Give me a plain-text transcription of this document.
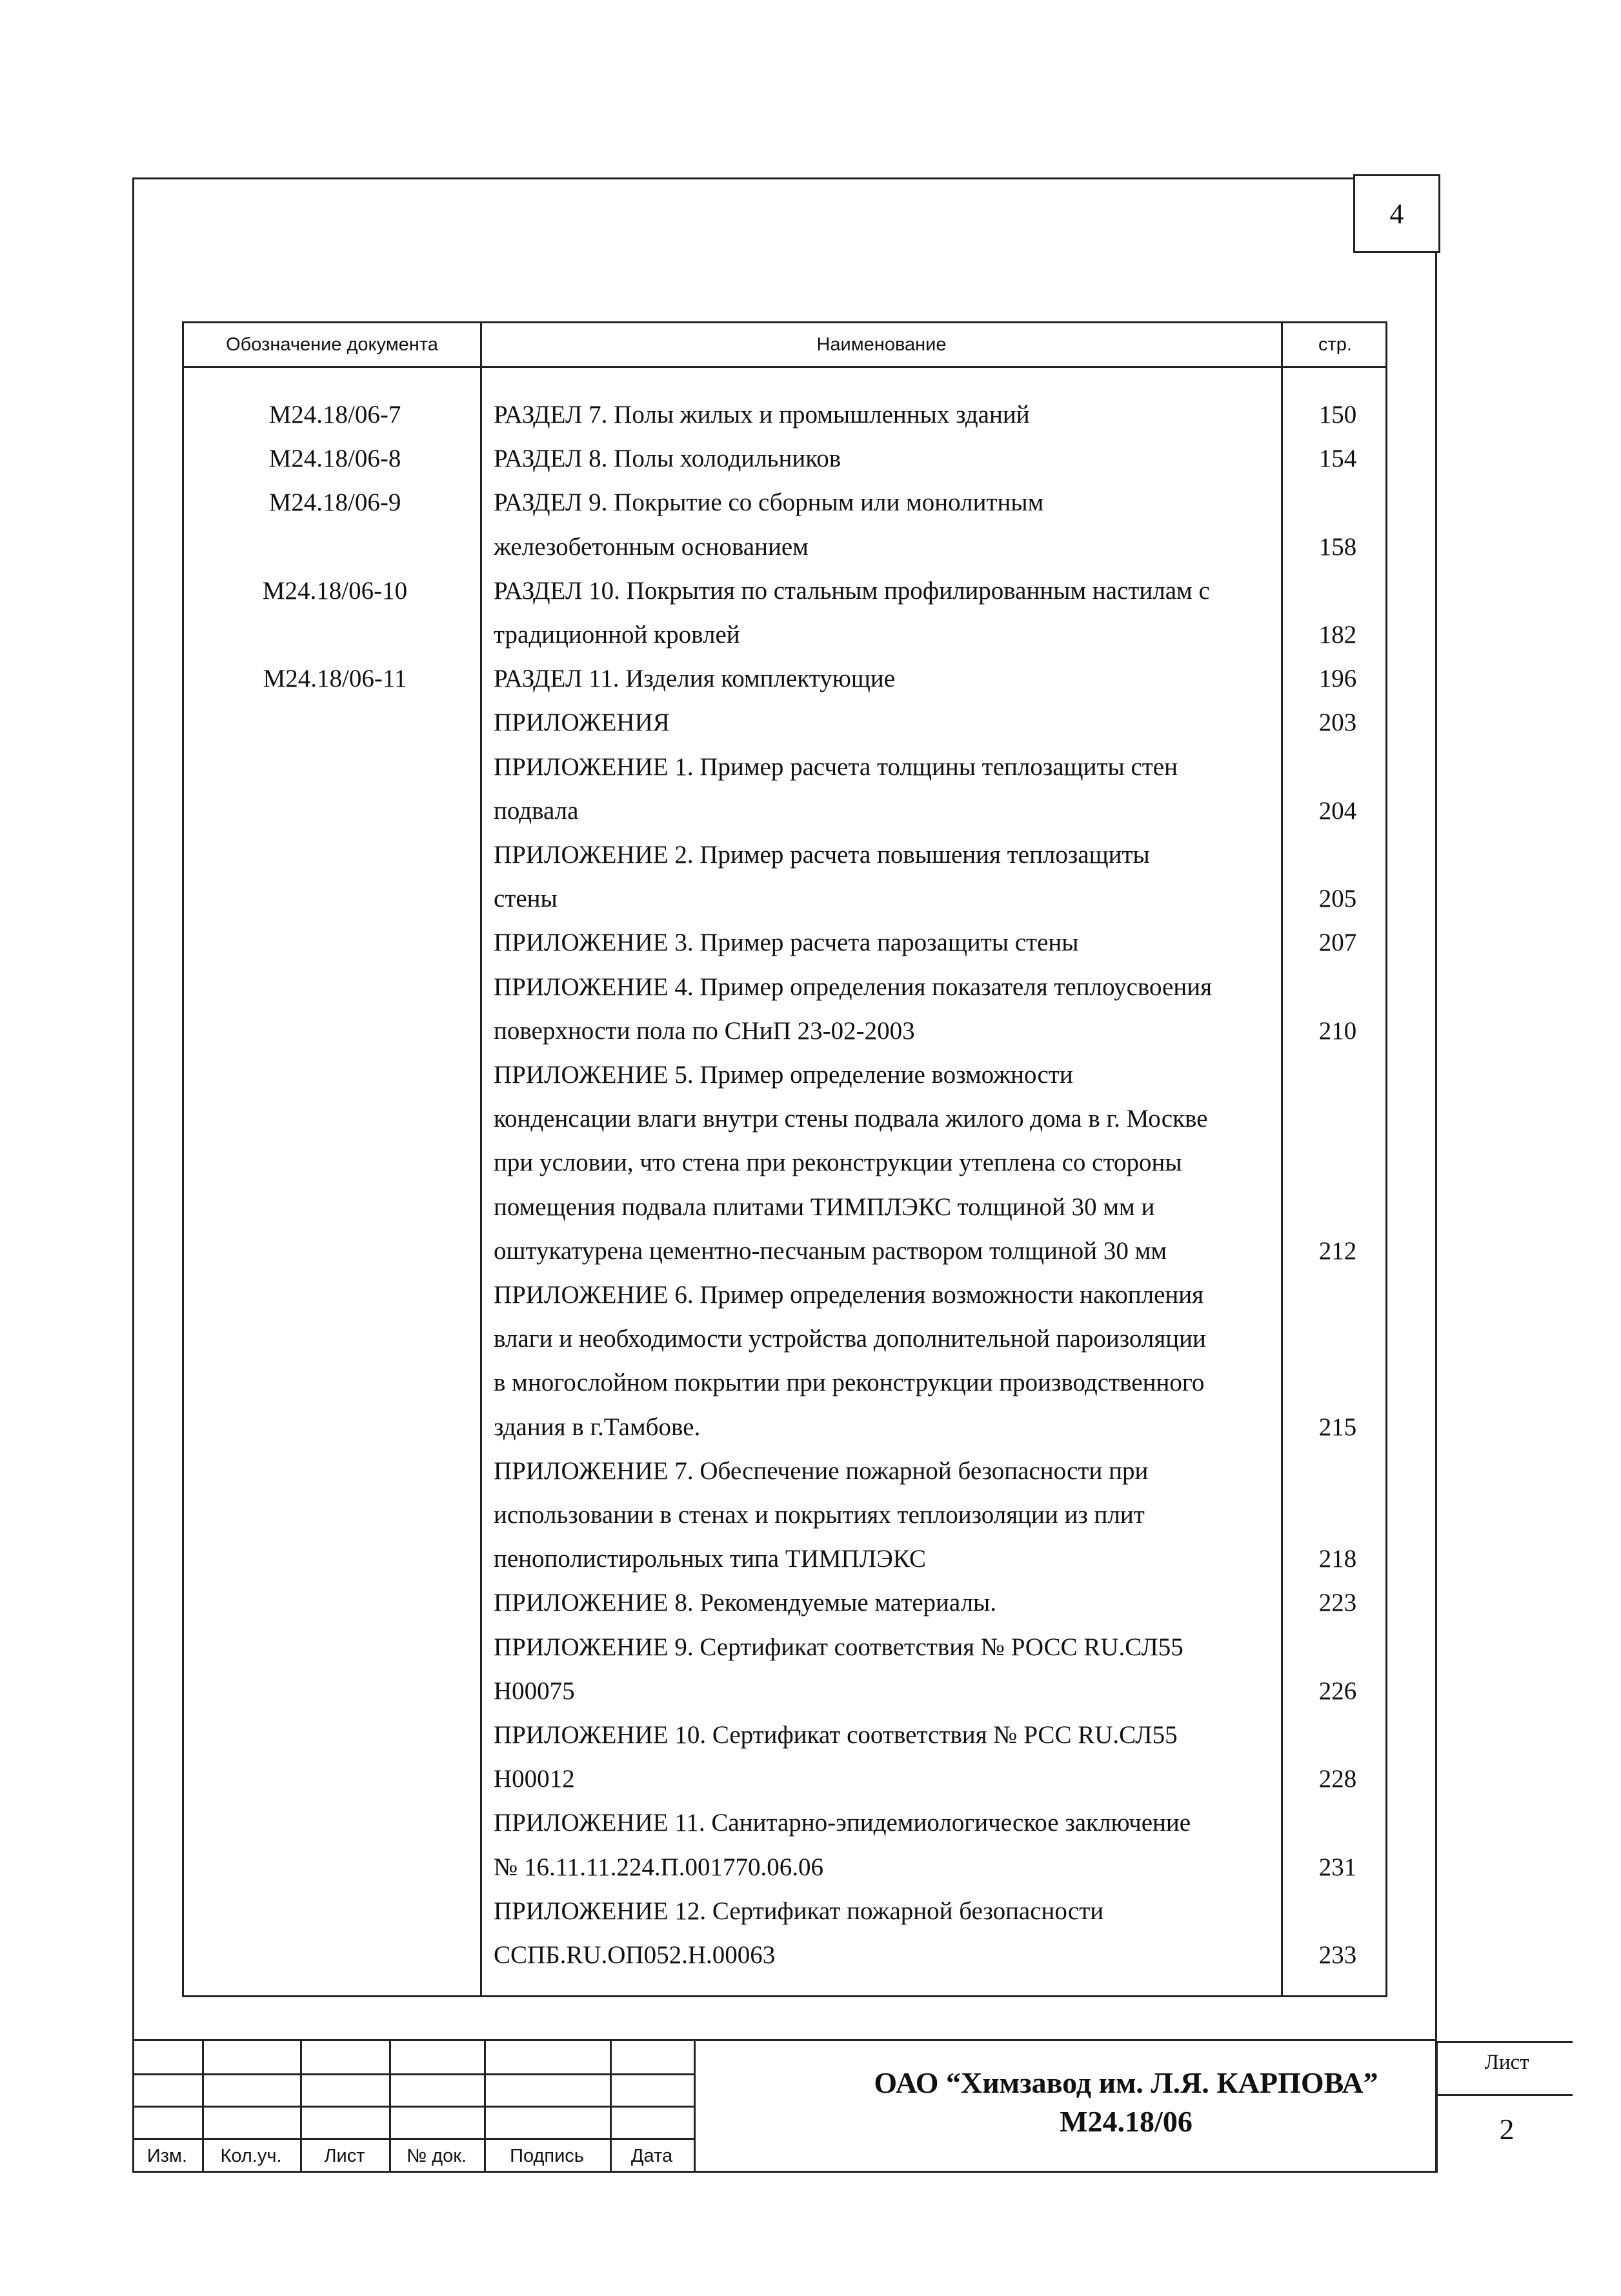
4
Обозначение документа	Наименование	стр.
М24.18/06-7	РАЗДЕЛ 7. Полы жилых и промышленных зданий	150
М24.18/06-8	РАЗДЕЛ 8. Полы холодильников	154
М24.18/06-9	РАЗДЕЛ 9. Покрытие со сборным или монолитным
железобетонным основанием	158
М24.18/06-10	РАЗДЕЛ 10. Покрытия по стальным профилированным настилам с
традиционной кровлей	182
М24.18/06-11	РАЗДЕЛ 11. Изделия комплектующие	196
ПРИЛОЖЕНИЯ	203
ПРИЛОЖЕНИЕ 1. Пример расчета толщины теплозащиты стен
подвала	204
ПРИЛОЖЕНИЕ 2. Пример расчета повышения теплозащиты
стены	205
ПРИЛОЖЕНИЕ 3. Пример расчета парозащиты стены	207
ПРИЛОЖЕНИЕ 4. Пример определения показателя теплоусвоения
поверхности пола по СНиП 23-02-2003	210
ПРИЛОЖЕНИЕ 5. Пример определение возможности
конденсации влаги внутри стены подвала жилого дома в г. Москве
при условии, что стена при реконструкции утеплена со стороны
помещения подвала плитами ТИМПЛЭКС толщиной 30 мм и
оштукатурена цементно-песчаным раствором толщиной 30 мм	212
ПРИЛОЖЕНИЕ 6. Пример определения возможности накопления
влаги и необходимости устройства дополнительной пароизоляции
в многослойном покрытии при реконструкции производственного
здания в г.Тамбове.	215
ПРИЛОЖЕНИЕ 7. Обеспечение пожарной безопасности при
использовании в стенах и покрытиях теплоизоляции из плит
пенополистирольных типа ТИМПЛЭКС	218
ПРИЛОЖЕНИЕ 8. Рекомендуемые материалы.	223
ПРИЛОЖЕНИЕ 9. Сертификат соответствия № РОСС RU.СЛ55
Н00075	226
ПРИЛОЖЕНИЕ 10. Сертификат соответствия № РСС RU.СЛ55
Н00012	228
ПРИЛОЖЕНИЕ 11. Санитарно-эпидемиологическое заключение
№ 16.11.11.224.П.001770.06.06	231
ПРИЛОЖЕНИЕ 12. Сертификат пожарной безопасности
ССПБ.RU.ОП052.Н.00063	233
Изм.	Кол.уч.	Лист	№ док.	Подпись	Дата
ОАО “Химзавод им. Л.Я. КАРПОВА”
М24.18/06
Лист
2
